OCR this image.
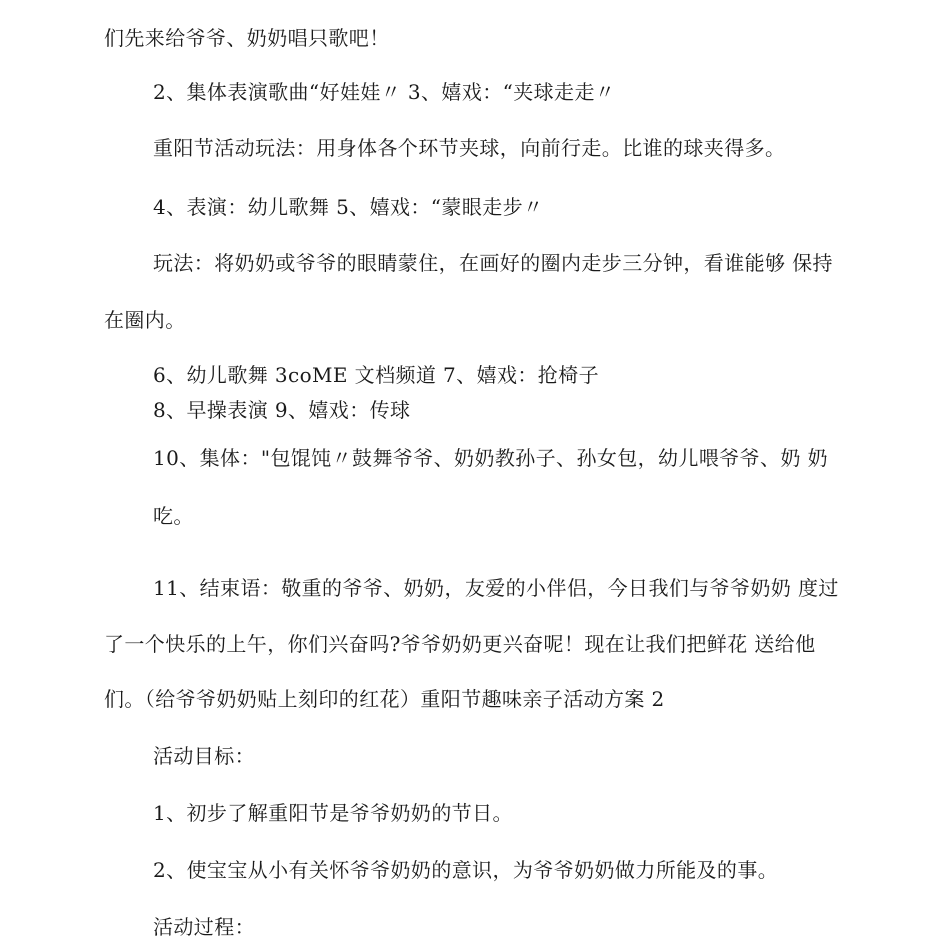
们先来给爷爷、奶奶唱只歌吧！
2、集体表演歌曲“好娃娃〃 3、嬉戏：“夹球走走〃
重阳节活动玩法：用身体各个环节夹球，向前行走。比谁的球夹得多。
4、表演：幼儿歌舞 5、嬉戏：“蒙眼走步〃
玩法：将奶奶或爷爷的眼睛蒙住，在画好的圈内走步三分钟，看谁能够 保持
在圈内。
6、幼儿歌舞 3coME 文档频道 7、嬉戏：抢椅子
8、早操表演 9、嬉戏：传球
10、集体："包馄饨〃鼓舞爷爷、奶奶教孙子、孙女包，幼儿喂爷爷、奶 奶
吃。
11、结束语：敬重的爷爷、奶奶，友爱的小伴侣，今日我们与爷爷奶奶 度过
了一个快乐的上午，你们兴奋吗?爷爷奶奶更兴奋呢！现在让我们把鲜花 送给他
们。（给爷爷奶奶贴上刻印的红花）重阳节趣味亲子活动方案 2
活动目标：
1、初步了解重阳节是爷爷奶奶的节日。
2、使宝宝从小有关怀爷爷奶奶的意识，为爷爷奶奶做力所能及的事。
活动过程：
